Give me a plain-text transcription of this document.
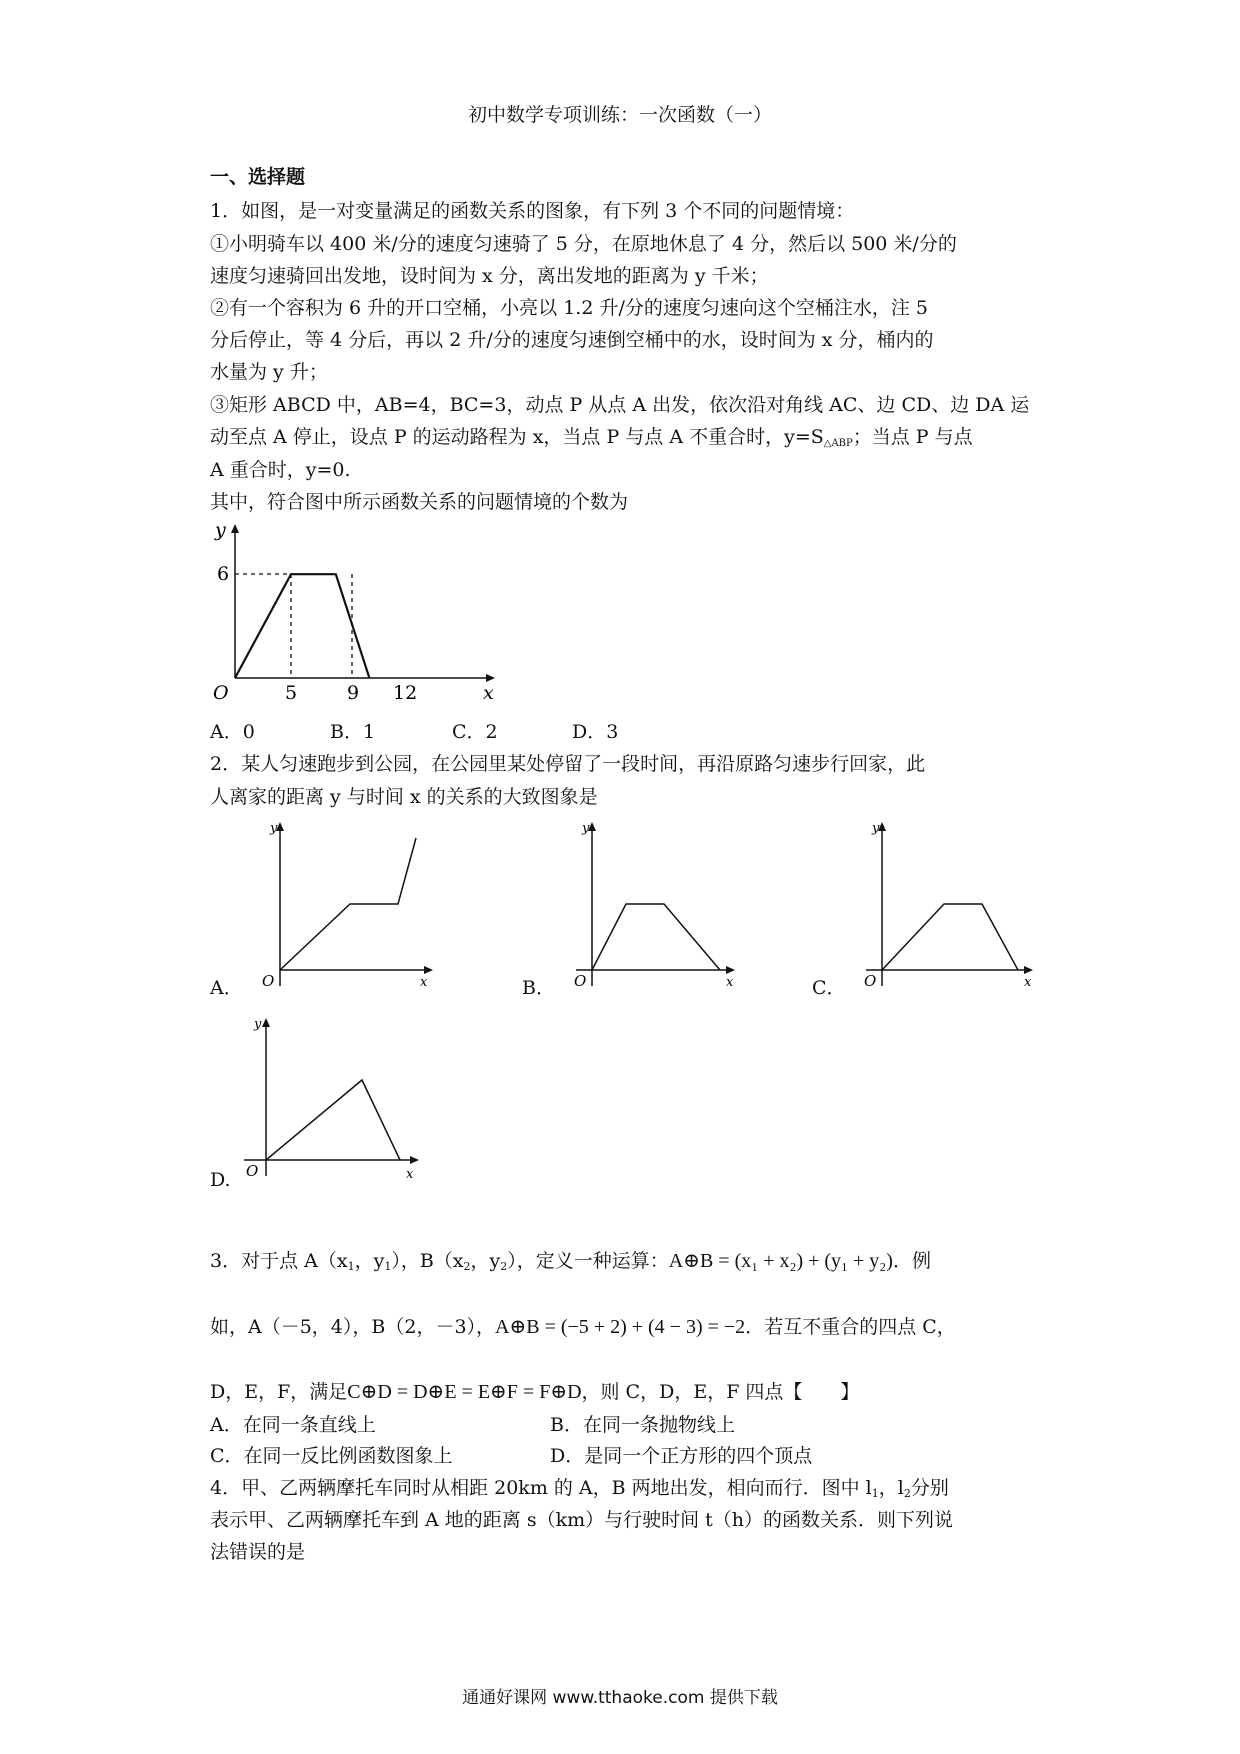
初中数学专项训练：一次函数（一）
一、选择题
1．如图，是一对变量满足的函数关系的图象，有下列 3 个不同的问题情境：
①小明骑车以 400 米/分的速度匀速骑了 5 分，在原地休息了 4 分，然后以 500 米/分的
速度匀速骑回出发地，设时间为 x 分，离出发地的距离为 y 千米；
②有一个容积为 6 升的开口空桶，小亮以 1.2 升/分的速度匀速向这个空桶注水，注 5
分后停止，等 4 分后，再以 2 升/分的速度匀速倒空桶中的水，设时间为 x 分，桶内的
水量为 y 升；
③矩形 ABCD 中，AB=4，BC=3，动点 P 从点 A 出发，依次沿对角线 AC、边 CD、边 DA 运
动至点 A 停止，设点 P 的运动路程为 x，当点 P 与点 A 不重合时，$y=S_{\triangle ABP}$；当点 P 与点
A 重合时，y=0.
其中，符合图中所示函数关系的问题情境的个数为
y
x
O
6
5	9 12
A．0	B．1	C．2	D．3
2．某人匀速跑步到公园，在公园里某处停留了一段时间，再沿原路匀速步行回家，此
人离家的距离 y 与时间 x 的关系的大致图象是
A．
y
x
O	B．
y
x
O	C．
y
x
O
D.
y
x
O
3．对于点 A（x1，y1），B（x2，y2），定义一种运算：A⊕B = (x₁ + x₂) + (y₁ + y₂)．例
如，A（－5，4），B（2，－3），A⊕B = (−5 + 2) + (4 − 3) = −2．若互不重合的四点 C，
D，E，F，满足C⊕D = D⊕E = E⊕F = F⊕D，则 C，D，E，F 四点【　　】
A．在同一条直线上	B．在同一条抛物线上
C．在同一反比例函数图象上	D．是同一个正方形的四个顶点
4．甲、乙两辆摩托车同时从相距 20km 的 A，B 两地出发，相向而行．图中 l1，l2分别
表示甲、乙两辆摩托车到 A 地的距离 s（km）与行驶时间 t（h）的函数关系．则下列说
法错误的是
通通好课网 www.tthaoke.com 提供下载
